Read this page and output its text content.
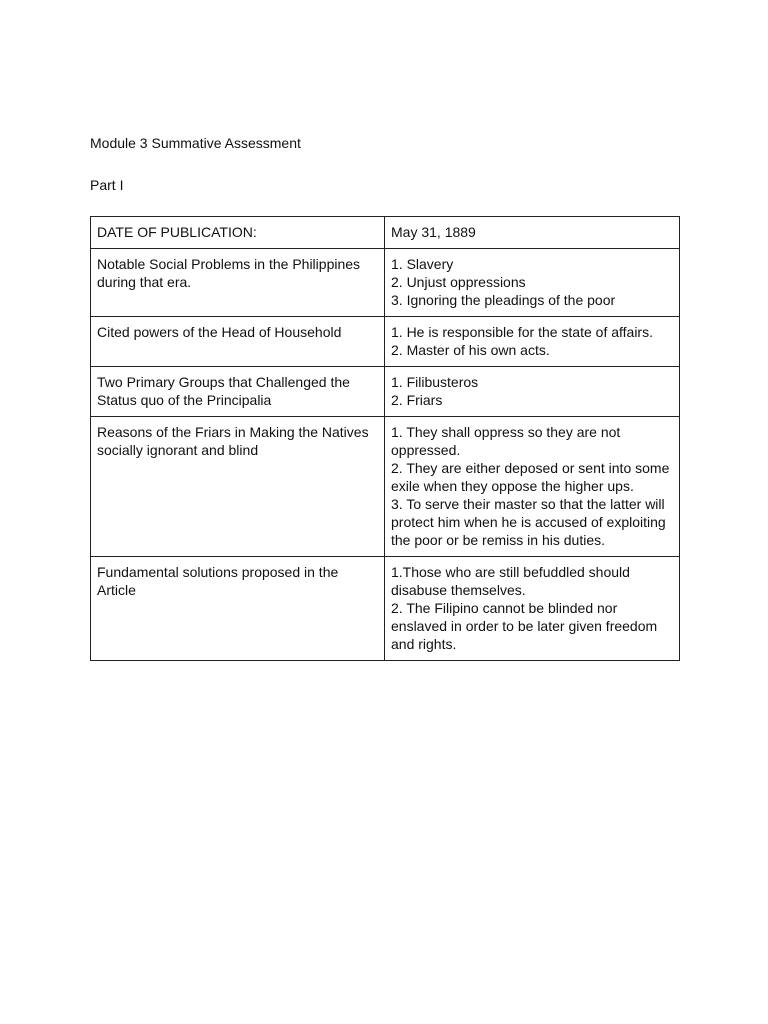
Module 3 Summative Assessment

Part I

DATE OF PUBLICATION:	May 31, 1889

Notable Social Problems in the Philippines during that era.	1. Slavery
2. Unjust oppressions
3. Ignoring the pleadings of the poor

Cited powers of the Head of Household	1. He is responsible for the state of affairs.
2. Master of his own acts.

Two Primary Groups that Challenged the Status quo of the Principalia	1. Filibusteros
2. Friars

Reasons of the Friars in Making the Natives socially ignorant and blind	1. They shall oppress so they are not oppressed.
2. They are either deposed or sent into some exile when they oppose the higher ups.
3. To serve their master so that the latter will protect him when he is accused of exploiting the poor or be remiss in his duties.

Fundamental solutions proposed in the Article	1.Those who are still befuddled should disabuse themselves.
2. The Filipino cannot be blinded nor enslaved in order to be later given freedom and rights.
